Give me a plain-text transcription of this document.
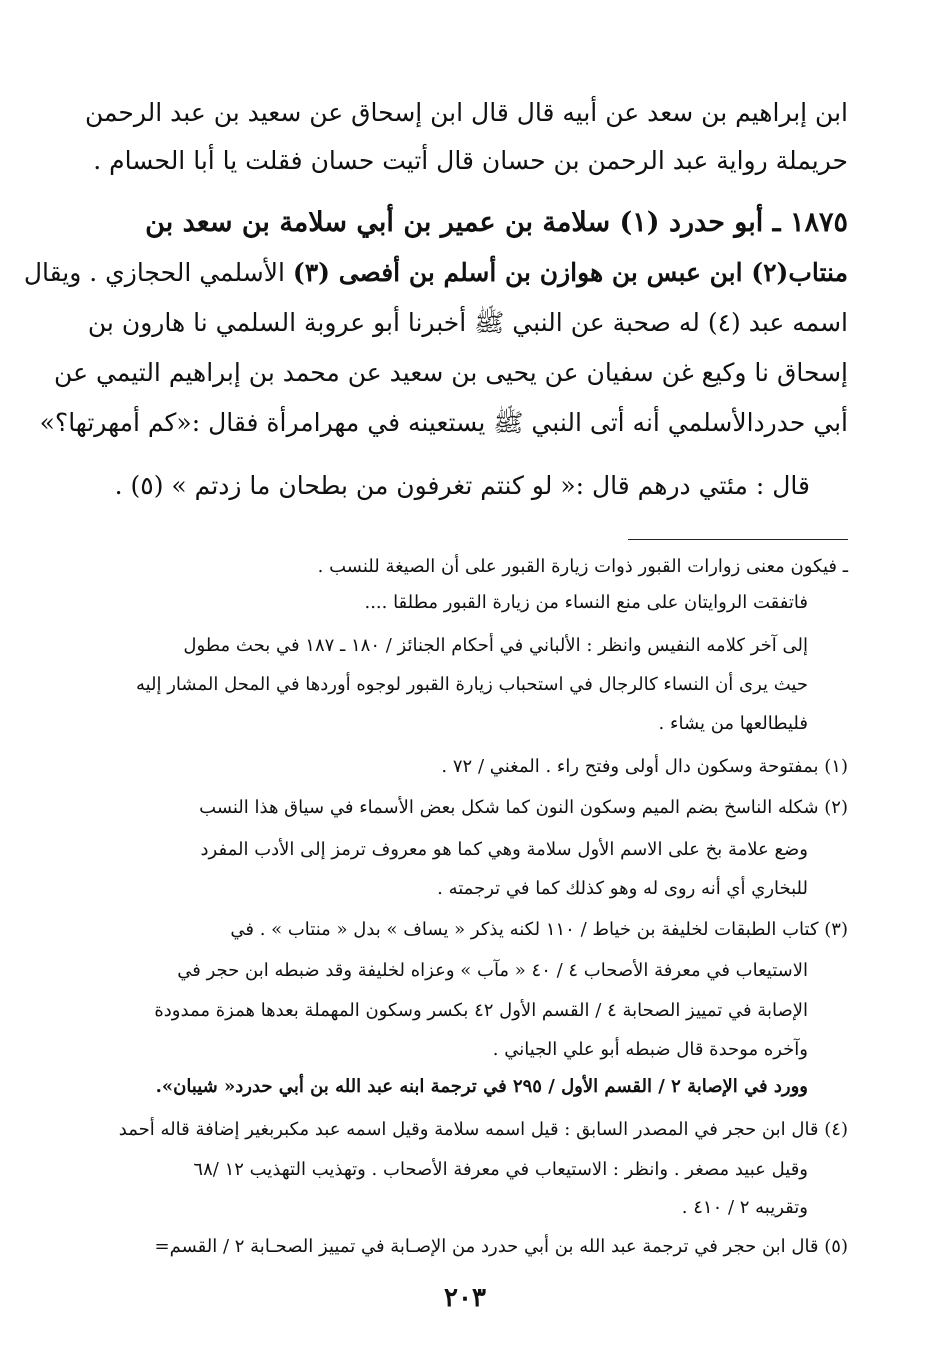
ابن إبراهيم بن سعد عن أبيه قال قال ابن إسحاق عن سعيد بن عبد الرحمن
حريملة رواية عبد الرحمن بن حسان قال أتيت حسان فقلت يا أبا الحسام .
١٨٧٥ ـ أبو حدرد (١) سلامة بن عمير بن أبي سلامة بن سعد بن
منتاب(٢) ابن عبس بن هوازن بن أسلم بن أفصى (٣) الأسلمي الحجازي . ويقال
اسمه عبد (٤) له صحبة عن النبي ﷺ أخبرنا أبو عروبة السلمي نا هارون بن
إسحاق نا وكيع غن سفيان عن يحيى بن سعيد عن محمد بن إبراهيم التيمي عن
أبي حدردالأسلمي أنه أتى النبي ﷺ يستعينه في مهرامرأة فقال :«كم أمهرتها؟»
قال : مئتي درهم قال :« لو كنتم تغرفون من بطحان ما زدتم » (٥) .
ـ فيكون معنى زوارات القبور ذوات زيارة القبور على أن الصيغة للنسب .
فاتفقت الروايتان على منع النساء من زيارة القبور مطلقا ....
إلى آخر كلامه النفيس وانظر : الألباني في أحكام الجنائز / ١٨٠ ـ ١٨٧ في بحث مطول
حيث يرى أن النساء كالرجال في استحباب زيارة القبور لوجوه أوردها في المحل المشار إليه
فليطالعها من يشاء .
(١) بمفتوحة وسكون دال أولى وفتح راء . المغني / ٧٢ .
(٢) شكله الناسخ بضم الميم وسكون النون كما شكل بعض الأسماء في سياق هذا النسب
وضع علامة بخ على الاسم الأول سلامة وهي كما هو معروف ترمز إلى الأدب المفرد
للبخاري أي أنه روى له وهو كذلك كما في ترجمته .
(٣) كتاب الطبقات لخليفة بن خياط / ١١٠ لكنه يذكر « يساف » بدل « منتاب » . في
الاستيعاب في معرفة الأصحاب ٤ / ٤٠ « مآب » وعزاه لخليفة وقد ضبطه ابن حجر في
الإصابة في تمييز الصحابة ٤ / القسم الأول ٤٢ بكسر وسكون المهملة بعدها همزة ممدودة
وآخره موحدة قال ضبطه أبو علي الجياني .
وورد في الإصابة ٢ / القسم الأول / ٢٩٥ في ترجمة ابنه عبد الله بن أبي حدرد« شيبان».
(٤) قال ابن حجر في المصدر السابق : قيل اسمه سلامة وقيل اسمه عبد مكبربغير إضافة قاله أحمد
وقيل عبيد مصغر . وانظر : الاستيعاب في معرفة الأصحاب . وتهذيب التهذيب ١٢ /٦٨
وتقريبه ٢ / ٤١٠ .
(٥) قال ابن حجر في ترجمة عبد الله بن أبي حدرد من الإصـابة في تمييز الصحـابة ٢ / القسم=
٢٠٣
